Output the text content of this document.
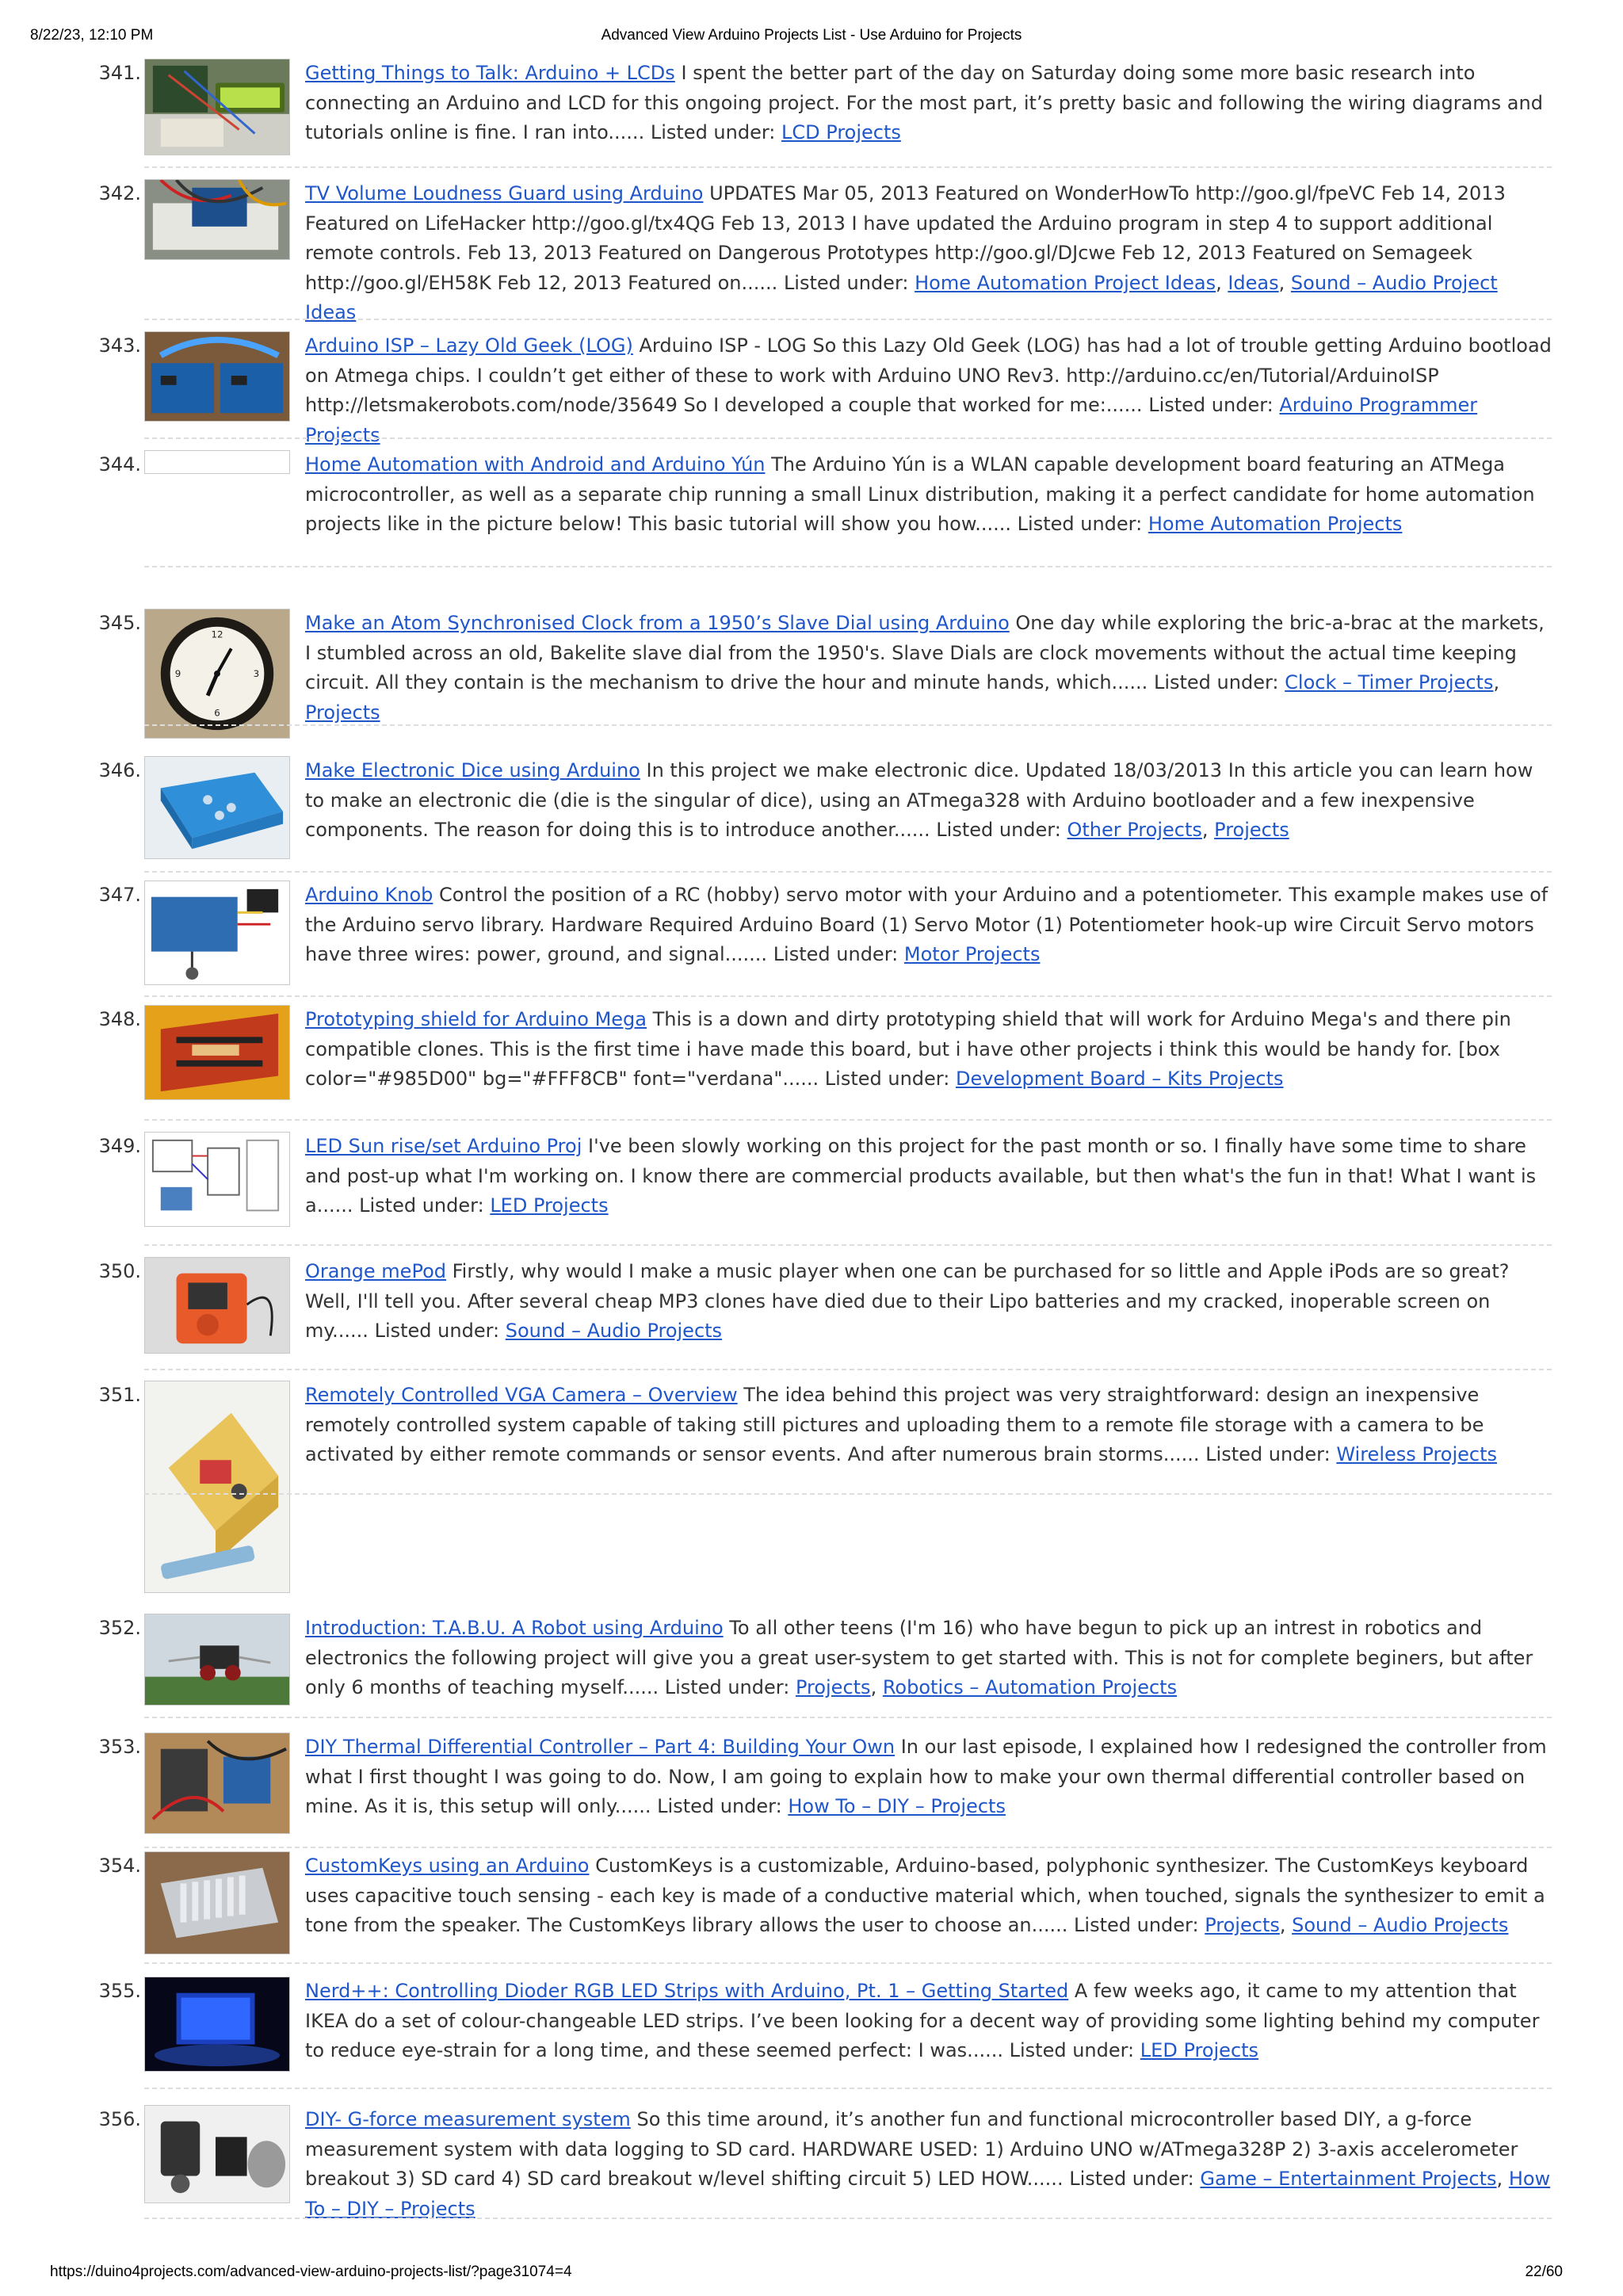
8/22/23, 12:10 PM	Advanced View Arduino Projects List - Use Arduino for Projects
341.	Getting Things to Talk: Arduino + LCDs I spent the better part of the day on Saturday doing some more basic research into connecting an Arduino and LCD for this ongoing project. For the most part, it’s pretty basic and following the wiring diagrams and tutorials online is fine. I ran into...... Listed under: LCD Projects
342.	TV Volume Loudness Guard using Arduino UPDATES Mar 05, 2013 Featured on WonderHowTo http://goo.gl/fpeVC Feb 14, 2013 Featured on LifeHacker http://goo.gl/tx4QG Feb 13, 2013 I have updated the Arduino program in step 4 to support additional remote controls. Feb 13, 2013 Featured on Dangerous Prototypes http://goo.gl/DJcwe Feb 12, 2013 Featured on Semageek http://goo.gl/EH58K Feb 12, 2013 Featured on...... Listed under: Home Automation Project Ideas, Ideas, Sound – Audio Project Ideas
343.	Arduino ISP – Lazy Old Geek (LOG) Arduino ISP - LOG So this Lazy Old Geek (LOG) has had a lot of trouble getting Arduino bootload on Atmega chips. I couldn’t get either of these to work with Arduino UNO Rev3. http://arduino.cc/en/Tutorial/ArduinoISP http://letsmakerobots.com/node/35649 So I developed a couple that worked for me:...... Listed under: Arduino Programmer Projects
344.	Home Automation with Android and Arduino Yún The Arduino Yún is a WLAN capable development board featuring an ATMega microcontroller, as well as a separate chip running a small Linux distribution, making it a perfect candidate for home automation projects like in the picture below! This basic tutorial will show you how...... Listed under: Home Automation Projects
345.
12
3
6
9
Make an Atom Synchronised Clock from a 1950’s Slave Dial using Arduino One day while exploring the bric-a-brac at the markets, I stumbled across an old, Bakelite slave dial from the 1950's. Slave Dials are clock movements without the actual time keeping circuit. All they contain is the mechanism to drive the hour and minute hands, which...... Listed under: Clock – Timer Projects, Projects
346.	Make Electronic Dice using Arduino In this project we make electronic dice. Updated 18/03/2013 In this article you can learn how to make an electronic die (die is the singular of dice), using an ATmega328 with Arduino bootloader and a few inexpensive components. The reason for doing this is to introduce another...... Listed under: Other Projects, Projects
347.	Arduino Knob Control the position of a RC (hobby) servo motor with your Arduino and a potentiometer. This example makes use of the Arduino servo library. Hardware Required Arduino Board (1) Servo Motor (1) Potentiometer hook-up wire Circuit Servo motors have three wires: power, ground, and signal....... Listed under: Motor Projects
348.	Prototyping shield for Arduino Mega This is a down and dirty prototyping shield that will work for Arduino Mega's and there pin compatible clones. This is the first time i have made this board, but i have other projects i think this would be handy for. [box color="#985D00" bg="#FFF8CB" font="verdana"...... Listed under: Development Board – Kits Projects
349.	LED Sun rise/set Arduino Proj I've been slowly working on this project for the past month or so. I finally have some time to share and post-up what I'm working on. I know there are commercial products available, but then what's the fun in that! What I want is a...... Listed under: LED Projects
350.	Orange mePod Firstly, why would I make a music player when one can be purchased for so little and Apple iPods are so great? Well, I'll tell you. After several cheap MP3 clones have died due to their Lipo batteries and my cracked, inoperable screen on my...... Listed under: Sound – Audio Projects
351.	Remotely Controlled VGA Camera – Overview The idea behind this project was very straightforward: design an inexpensive remotely controlled system capable of taking still pictures and uploading them to a remote file storage with a camera to be activated by either remote commands or sensor events. And after numerous brain storms...... Listed under: Wireless Projects
352.	Introduction: T.A.B.U. A Robot using Arduino To all other teens (I'm 16) who have begun to pick up an intrest in robotics and electronics the following project will give you a great user-system to get started with. This is not for complete beginers, but after only 6 months of teaching myself...... Listed under: Projects, Robotics – Automation Projects
353.	DIY Thermal Differential Controller – Part 4: Building Your Own In our last episode, I explained how I redesigned the controller from what I first thought I was going to do. Now, I am going to explain how to make your own thermal differential controller based on mine. As it is, this setup will only...... Listed under: How To – DIY – Projects
354.	CustomKeys using an Arduino CustomKeys is a customizable, Arduino-based, polyphonic synthesizer. The CustomKeys keyboard uses capacitive touch sensing - each key is made of a conductive material which, when touched, signals the synthesizer to emit a tone from the speaker. The CustomKeys library allows the user to choose an...... Listed under: Projects, Sound – Audio Projects
355.	Nerd++: Controlling Dioder RGB LED Strips with Arduino, Pt. 1 – Getting Started A few weeks ago, it came to my attention that IKEA do a set of colour-changeable LED strips. I’ve been looking for a decent way of providing some lighting behind my computer to reduce eye-strain for a long time, and these seemed perfect: I was...... Listed under: LED Projects
356.	DIY- G-force measurement system So this time around, it’s another fun and functional microcontroller based DIY, a g-force measurement system with data logging to SD card. HARDWARE USED: 1) Arduino UNO w/ATmega328P 2) 3-axis accelerometer breakout 3) SD card 4) SD card breakout w/level shifting circuit 5) LED HOW...... Listed under: Game – Entertainment Projects, How To – DIY – Projects
https://duino4projects.com/advanced-view-arduino-projects-list/?page31074=4	22/60
